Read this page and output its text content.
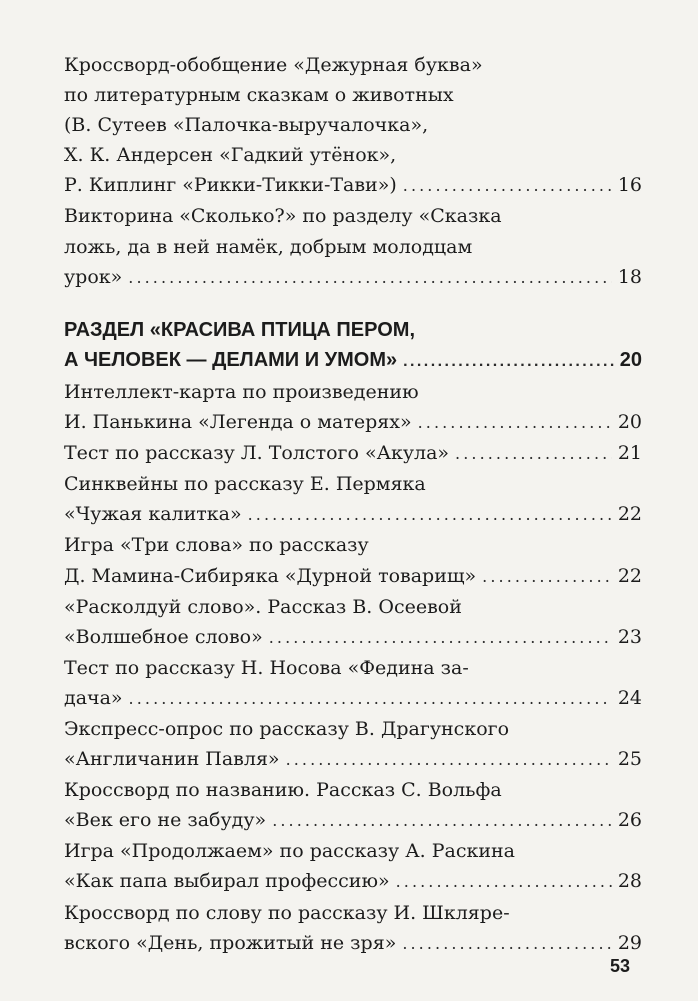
Кроссворд-обобщение «Дежурная буква»
по литературным сказкам о животных
(В. Сутеев «Палочка-выручалочка»,
Х. К. Андерсен «Гадкий утёнок»,
Р. Киплинг «Рикки-Тикки-Тави») . . .	16
Викторина «Сколько?» по разделу «Сказка
ложь, да в ней намёк, добрым молодцам
урок» . . .	18
РАЗДЕЛ «КРАСИВА ПТИЦА ПЕРОМ,
А ЧЕЛОВЕК — ДЕЛАМИ И УМОМ» . . .	20
Интеллект-карта по произведению
И. Панькина «Легенда о матерях» . . .	20
Тест по рассказу Л. Толстого «Акула» . . .	21
Синквейны по рассказу Е. Пермяка
«Чужая калитка» . . .	22
Игра «Три слова» по рассказу
Д. Мамина-Сибиряка «Дурной товарищ» . . .	22
«Расколдуй слово». Рассказ В. Осеевой
«Волшебное слово» . . .	23
Тест по рассказу Н. Носова «Федина за-
дача» . . .	24
Экспресс-опрос по рассказу В. Драгунского
«Англичанин Павля» . . .	25
Кроссворд по названию. Рассказ С. Вольфа
«Век его не забуду» . . .	26
Игра «Продолжаем» по рассказу А. Раскина
«Как папа выбирал профессию» . . .	28
Кроссворд по слову по рассказу И. Шкляре-
вского «День, прожитый не зря» . . .	29
53
